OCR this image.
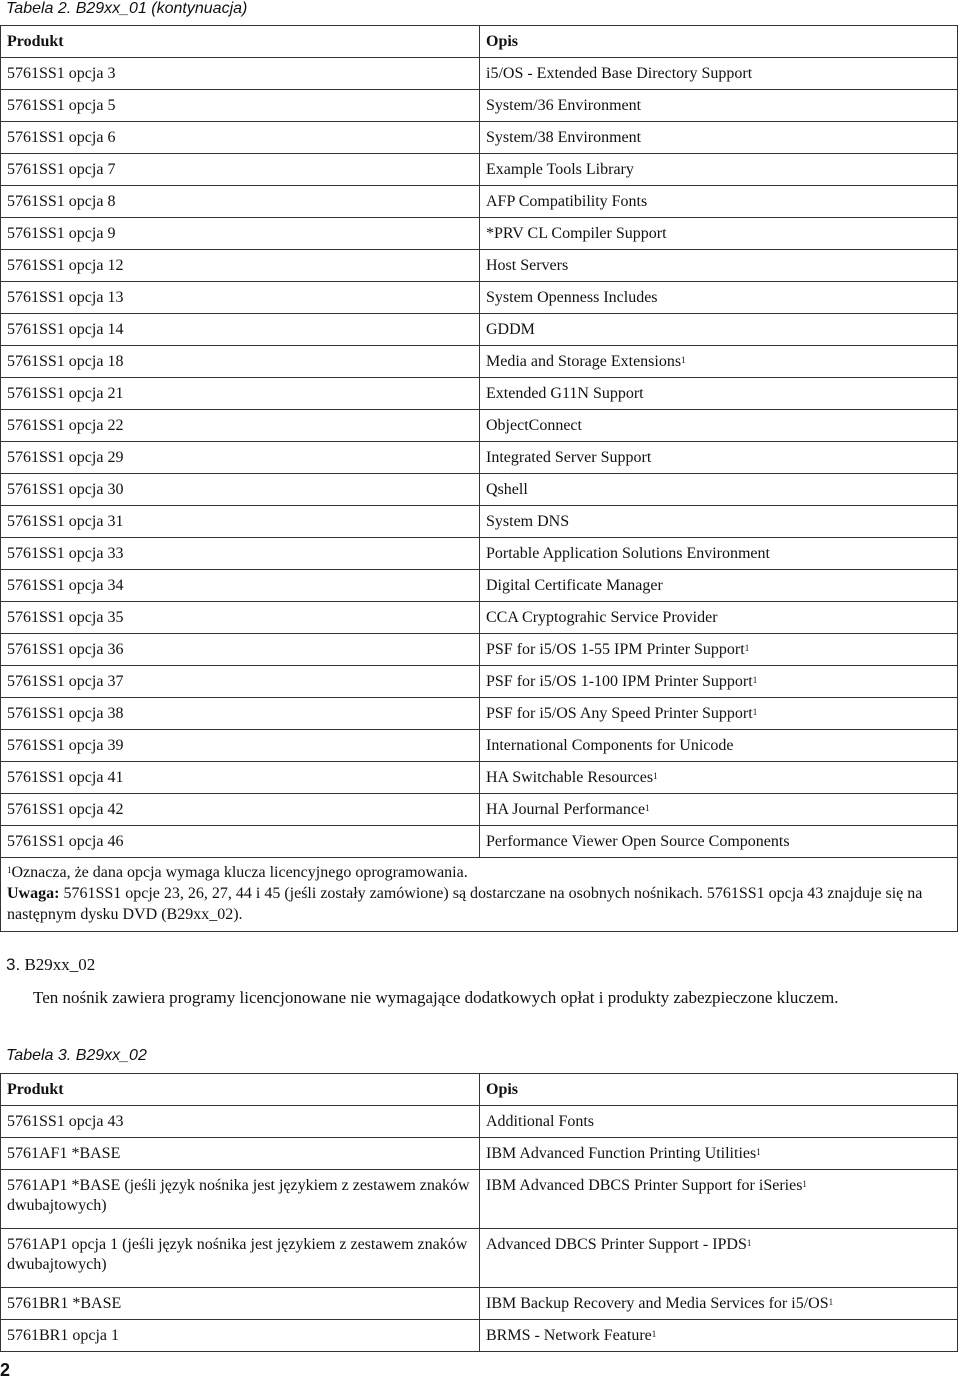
Tabela 2. B29xx_01 (kontynuacja)
Produkt	Opis
5761SS1 opcja 3	i5/OS - Extended Base Directory Support
5761SS1 opcja 5	System/36 Environment
5761SS1 opcja 6	System/38 Environment
5761SS1 opcja 7	Example Tools Library
5761SS1 opcja 8	AFP Compatibility Fonts
5761SS1 opcja 9	*PRV CL Compiler Support
5761SS1 opcja 12	Host Servers
5761SS1 opcja 13	System Openness Includes
5761SS1 opcja 14	GDDM
5761SS1 opcja 18	Media and Storage Extensions$^1$
5761SS1 opcja 21	Extended G11N Support
5761SS1 opcja 22	ObjectConnect
5761SS1 opcja 29	Integrated Server Support
5761SS1 opcja 30	Qshell
5761SS1 opcja 31	System DNS
5761SS1 opcja 33	Portable Application Solutions Environment
5761SS1 opcja 34	Digital Certificate Manager
5761SS1 opcja 35	CCA Cryptograhic Service Provider
5761SS1 opcja 36	PSF for i5/OS 1-55 IPM Printer Support$^1$
5761SS1 opcja 37	PSF for i5/OS 1-100 IPM Printer Support$^1$
5761SS1 opcja 38	PSF for i5/OS Any Speed Printer Support$^1$
5761SS1 opcja 39	International Components for Unicode
5761SS1 opcja 41	HA Switchable Resources$^1$
5761SS1 opcja 42	HA Journal Performance$^1$
5761SS1 opcja 46	Performance Viewer Open Source Components

$^1$Oznacza, że dana opcja wymaga klucza licencyjnego oprogramowania.
Uwaga: 5761SS1 opcje 23, 26, 27, 44 i 45 (jeśli zostały zamówione) są dostarczane na osobnych nośnikach. 5761SS1 opcja 43 znajduje się na następnym dysku DVD (B29xx_02).	
3. B29xx_02
Ten nośnik zawiera programy licencjonowane nie wymagające dodatkowych opłat i produkty zabezpieczone kluczem.
Tabela 3. B29xx_02
Produkt	Opis
5761SS1 opcja 43	Additional Fonts
5761AF1 *BASE	IBM Advanced Function Printing Utilities$^1$
5761AP1 *BASE (jeśli język nośnika jest językiem z zestawem znaków dwubajtowych)	IBM Advanced DBCS Printer Support for iSeries$^1$
5761AP1 opcja 1 (jeśli język nośnika jest językiem z zestawem znaków dwubajtowych)	Advanced DBCS Printer Support - IPDS$^1$
5761BR1 *BASE	IBM Backup Recovery and Media Services for $i5/OS^1$
5761BR1 opcja 1	BRMS - Network Feature$^1$
2
